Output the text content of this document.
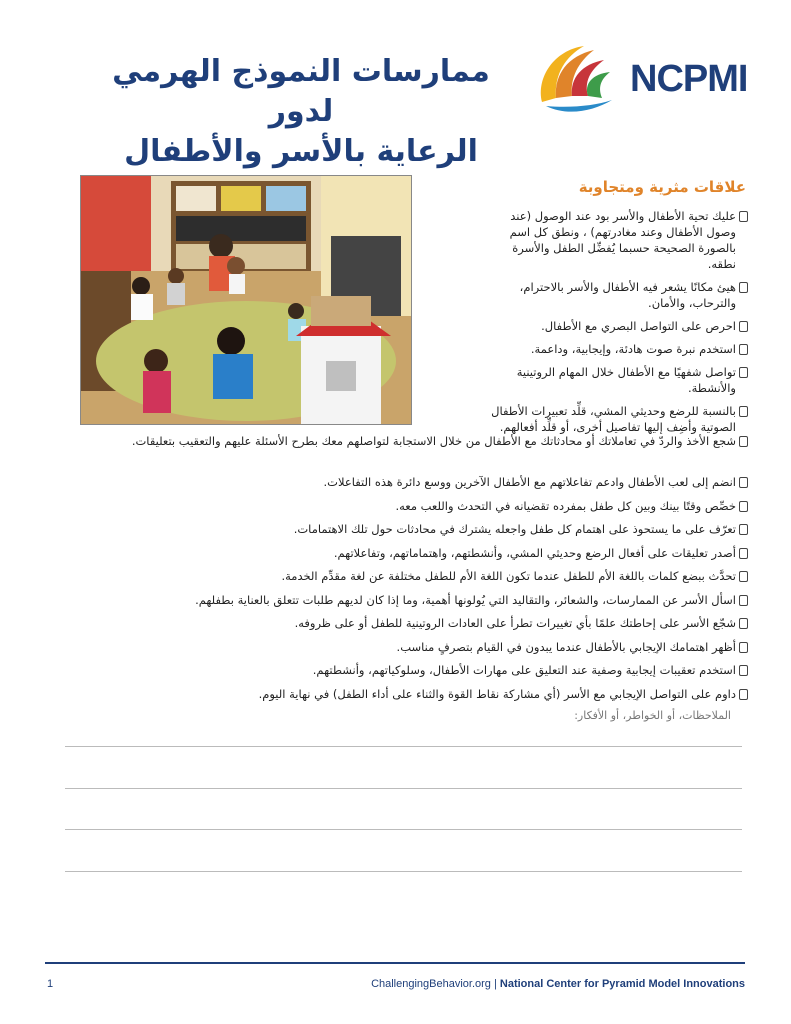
ممارسات النموذج الهرمي لدور
الرعاية بالأسر والأطفال
NCPMI
علاقات مثرية ومتجاوبة
عليك تحية الأطفال والأسر بود عند الوصول (عند وصول الأطفال وعند مغادرتهم) ، ونطق كل اسم بالصورة الصحيحة حسبما يُفضِّل الطفل والأسرة نطقه.
هيئ مكانًا يشعر فيه الأطفال والأسر بالاحترام، والترحاب، والأمان.
احرص على التواصل البصري مع الأطفال.
استخدم نبرة صوت هادئة، وإيجابية، وداعمة.
تواصل شفهيًا مع الأطفال خلال المهام الروتينية والأنشطة.
بالنسبة للرضع وحديثي المشي، قلِّد تعبيرات الأطفال الصوتية وأضِف إليها تفاصيل أخرى، أو قلِّد أفعالهم.
شجع الأخذ والردّ في تعاملاتك أو محادثاتك مع الأطفال من خلال الاستجابة لتواصلهم معك بطرح الأسئلة عليهم والتعقيب بتعليقات.
انضم إلى لعب الأطفال وادعم تفاعلاتهم مع الأطفال الآخرين ووسع دائرة هذه التفاعلات.
خصِّص وقتًا بينك وبين كل طفل بمفرده تقضيانه في التحدث واللعب معه.
تعرّف على ما يستحوذ على اهتمام كل طفل واجعله يشترك في محادثات حول تلك الاهتمامات.
أصدر تعليقات على أفعال الرضع وحديثي المشي، وأنشطتهم، واهتماماتهم، وتفاعلاتهم.
تحدَّث ببضع كلمات باللغة الأم للطفل عندما تكون اللغة الأم للطفل مختلفة عن لغة مقدِّم الخدمة.
اسأل الأسر عن الممارسات، والشعائر، والتقاليد التي يُولونها أهمية، وما إذا كان لديهم طلبات تتعلق بالعناية بطفلهم.
شجّع الأسر على إحاطتك علمًا بأي تغييرات تطرأ على العادات الروتينية للطفل أو على ظروفه.
أظهر اهتمامك الإيجابي بالأطفال عندما يبدون في القيام بتصرفٍ مناسب.
استخدم تعقيبات إيجابية وصفية عند التعليق على مهارات الأطفال، وسلوكياتهم، وأنشطتهم.
داوم على التواصل الإيجابي مع الأسر (أي مشاركة نقاط القوة والثناء على أداء الطفل) في نهاية اليوم.
الملاحظات، أو الخواطر، أو الأفكار:
1	ChallengingBehavior.org | National Center for Pyramid Model Innovations
